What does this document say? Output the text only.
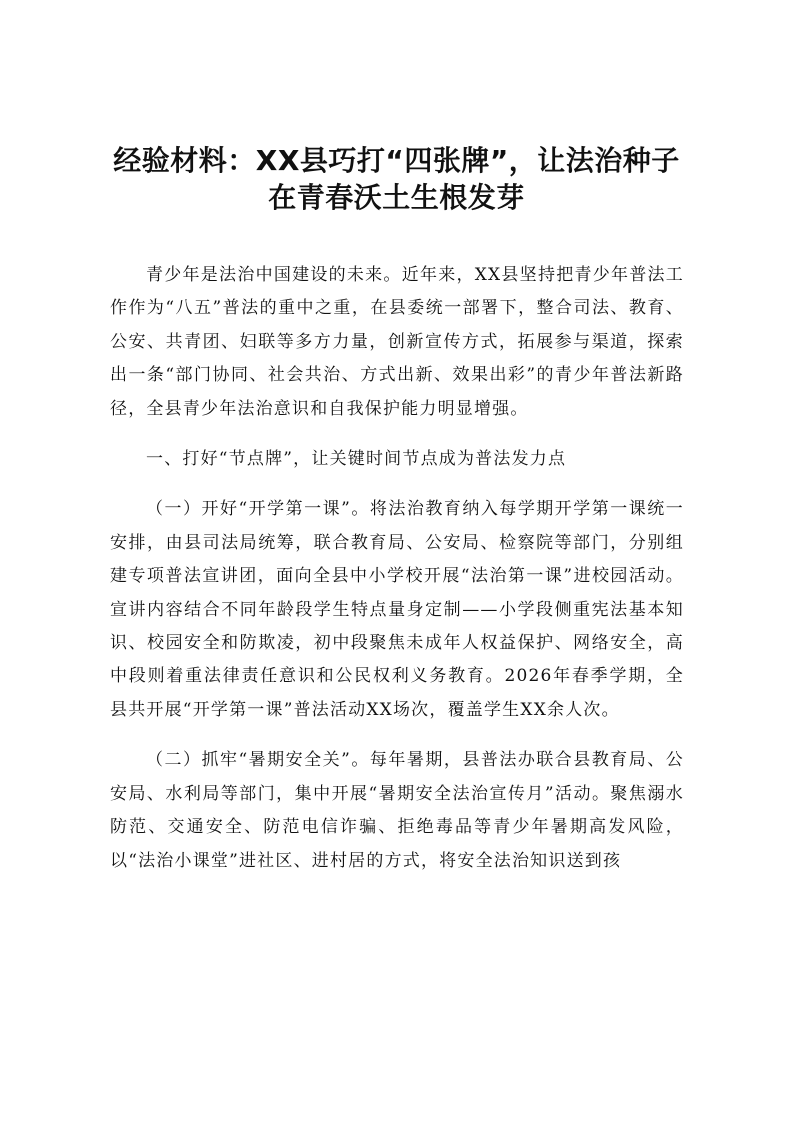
经验材料：XX县巧打“四张牌”，让法治种子在青春沃土生根发芽

青少年是法治中国建设的未来。近年来，XX县坚持把青少年普法工作作为“八五”普法的重中之重，在县委统一部署下，整合司法、教育、公安、共青团、妇联等多方力量，创新宣传方式，拓展参与渠道，探索出一条“部门协同、社会共治、方式出新、效果出彩”的青少年普法新路径，全县青少年法治意识和自我保护能力明显增强。

一、打好“节点牌”，让关键时间节点成为普法发力点

（一）开好“开学第一课”。将法治教育纳入每学期开学第一课统一安排，由县司法局统筹，联合教育局、公安局、检察院等部门，分别组建专项普法宣讲团，面向全县中小学校开展“法治第一课”进校园活动。宣讲内容结合不同年龄段学生特点量身定制——小学段侧重宪法基本知识、校园安全和防欺凌，初中段聚焦未成年人权益保护、网络安全，高中段则着重法律责任意识和公民权利义务教育。2026年春季学期，全县共开展“开学第一课”普法活动XX场次，覆盖学生XX余人次。

（二）抓牢“暑期安全关”。每年暑期，县普法办联合县教育局、公安局、水利局等部门，集中开展“暑期安全法治宣传月”活动。聚焦溺水防范、交通安全、防范电信诈骗、拒绝毒品等青少年暑期高发风险，以“法治小课堂”进社区、进村居的方式，将安全法治知识送到孩
